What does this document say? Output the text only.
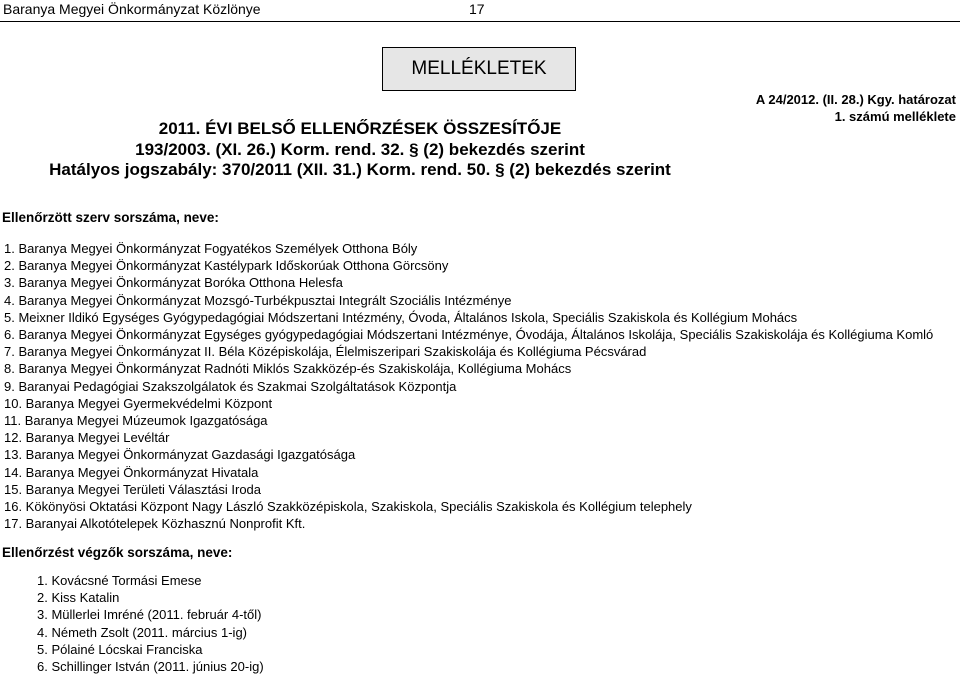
Baranya Megyei Önkormányzat Közlönye	17
MELLÉKLETEK
A 24/2012. (II. 28.) Kgy. határozat
1. számú melléklete
2011. ÉVI BELSŐ ELLENŐRZÉSEK ÖSSZESÍTŐJE
193/2003. (XI. 26.) Korm. rend. 32. § (2) bekezdés szerint
Hatályos jogszabály: 370/2011 (XII. 31.) Korm. rend. 50. § (2) bekezdés szerint
Ellenőrzött szerv sorszáma, neve:
1. Baranya Megyei Önkormányzat Fogyatékos Személyek Otthona Bóly
2. Baranya Megyei Önkormányzat Kastélypark Időskorúak Otthona Görcsöny
3. Baranya Megyei Önkormányzat Boróka Otthona Helesfa
4. Baranya Megyei Önkormányzat Mozsgó-Turbékpusztai Integrált Szociális Intézménye
5. Meixner Ildikó Egységes Gyógypedagógiai Módszertani Intézmény, Óvoda, Általános Iskola, Speciális Szakiskola és Kollégium Mohács
6. Baranya Megyei Önkormányzat Egységes gyógypedagógiai Módszertani Intézménye, Óvodája, Általános Iskolája, Speciális Szakiskolája és Kollégiuma Komló
7. Baranya Megyei Önkormányzat II. Béla Középiskolája, Élelmiszeripari Szakiskolája és Kollégiuma Pécsvárad
8. Baranya Megyei Önkormányzat Radnóti Miklós Szakközép-és Szakiskolája, Kollégiuma Mohács
9. Baranyai Pedagógiai Szakszolgálatok és Szakmai Szolgáltatások Központja
10. Baranya Megyei Gyermekvédelmi Központ
11. Baranya Megyei Múzeumok Igazgatósága
12. Baranya Megyei Levéltár
13. Baranya Megyei Önkormányzat Gazdasági Igazgatósága
14. Baranya Megyei Önkormányzat Hivatala
15. Baranya Megyei Területi Választási Iroda
16. Kökönyösi Oktatási Központ Nagy László Szakközépiskola, Szakiskola, Speciális Szakiskola és Kollégium telephely
17. Baranyai Alkotótelepek Közhasznú Nonprofit Kft.
Ellenőrzést végzők sorszáma, neve:
1. Kovácsné Tormási Emese
2. Kiss Katalin
3. Müllerlei Imréné (2011. február 4-től)
4. Németh Zsolt (2011. március 1-ig)
5. Pólainé Lócskai Franciska
6. Schillinger István (2011. június 20-ig)
